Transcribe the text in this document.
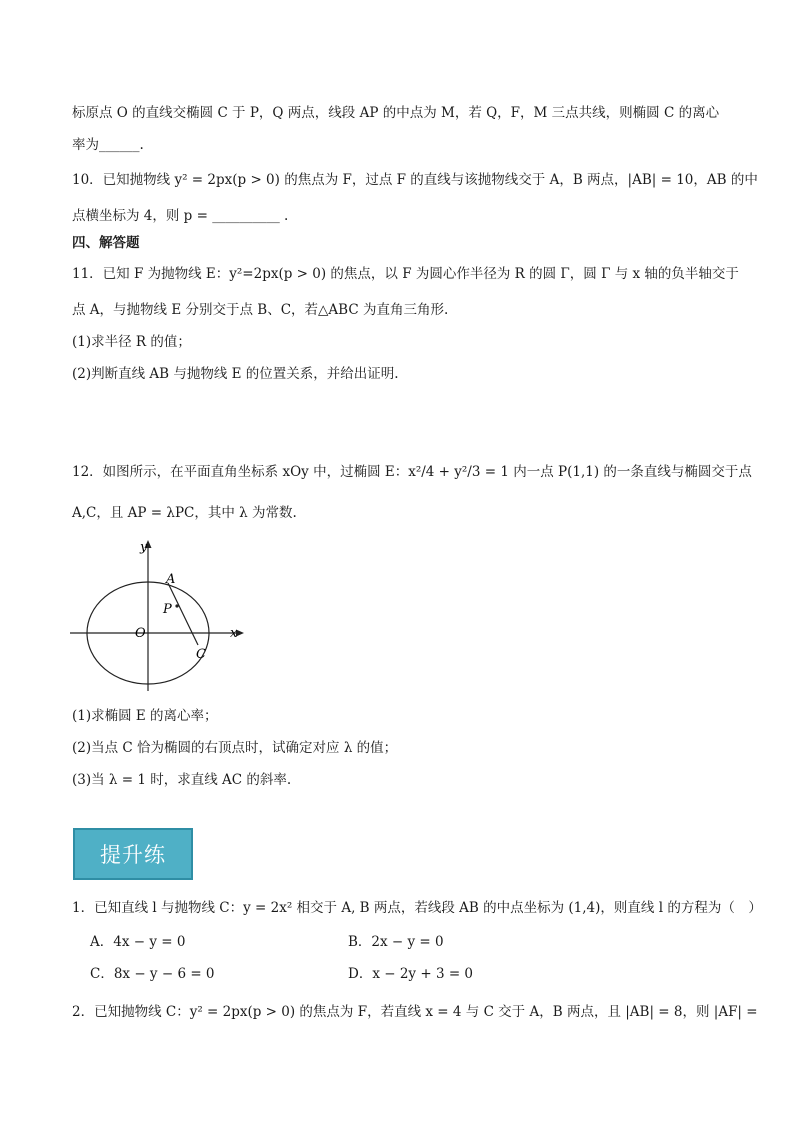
标原点 O 的直线交椭圆 C 于 P，Q 两点，线段 AP 的中点为 M，若 Q，F，M 三点共线，则椭圆 C 的离心
率为______.
10．已知抛物线 y² = 2px(p > 0) 的焦点为 F，过点 F 的直线与该抛物线交于 A，B 两点，|AB| = 10，AB 的中
点横坐标为 4，则 p = __________ .
四、解答题
11．已知 F 为抛物线 E：y²=2px(p > 0) 的焦点，以 F 为圆心作半径为 R 的圆 Γ，圆 Γ 与 x 轴的负半轴交于
点 A，与抛物线 E 分别交于点 B、C，若△ABC 为直角三角形.
(1)求半径 R 的值；
(2)判断直线 AB 与抛物线 E 的位置关系，并给出证明.
12．如图所示，在平面直角坐标系 xOy 中，过椭圆 E：x²/4 + y²/3 = 1 内一点 P(1,1) 的一条直线与椭圆交于点
A,C，且 AP = λPC，其中 λ 为常数.
y
x
O
A
P
C
(1)求椭圆 E 的离心率；
(2)当点 C 恰为椭圆的右顶点时，试确定对应 λ 的值；
(3)当 λ = 1 时，求直线 AC 的斜率.
提升练
1．已知直线 l 与抛物线 C：y = 2x² 相交于 A, B 两点，若线段 AB 的中点坐标为 (1,4)，则直线 l 的方程为（　）
A．4x − y = 0	B．2x − y = 0
C．8x − y − 6 = 0	D．x − 2y + 3 = 0
2．已知抛物线 C：y² = 2px(p > 0) 的焦点为 F，若直线 x = 4 与 C 交于 A，B 两点，且 |AB| = 8，则 |AF| =
